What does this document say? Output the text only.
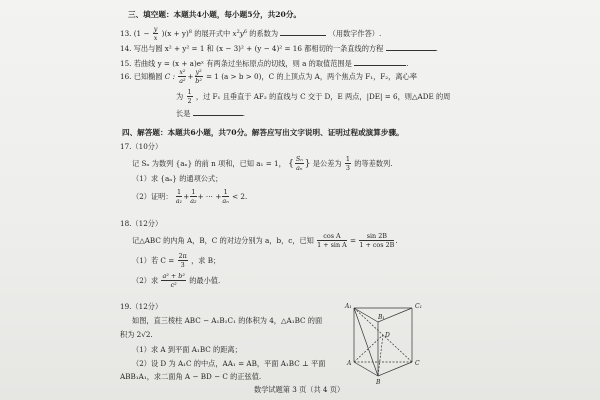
三、填空题：本题共4小题，每小题5分，共20分。
13. $(1 - \frac{y}{x} )(x + y)^8$ 的展开式中 $x^2y^6$ 的系数为	（用数字作答）.
14. 写出与圆 x² + y² = 1 和 (x − 3)² + (y − 4)² = 16 都相切的一条直线的方程	.
15. 若曲线 y = (x + a)eˣ 有两条过坐标原点的切线，则 a 的取值范围是	.
16. 已知椭圆 C : $\frac{\text{x²}}{\text{a²}} + \frac{\text{y²}}{\text{b²}} = 1$ (a > b > 0)，C 的上顶点为 A，两个焦点为 F₁，F₂，离心率
为 $\frac{1}{2}$ ，过 F₁ 且垂直于 AF₂ 的直线与 C 交于 D，E 两点，|DE| = 6，则△ADE 的周
长是	.
四、解答题：本题共6小题，共70分。解答应写出文字说明、证明过程或演算步骤。
17.（10分）
记 Sₙ 为数列 {aₙ} 的前 n 项和，已知 a₁ = 1， { $\frac{\text{Sₙ}}{\text{aₙ}}$ } 是公差为 $\frac{1}{3}$ 的等差数列.
（1）求 {aₙ} 的通项公式；
（2）证明： $\frac{1}{\text{a₁}} + \frac{1}{\text{a₂}}$ + ⋯ + $\frac{1}{\text{aₙ}} < 2$.
18.（12分）
记△ABC 的内角 A，B，C 的对边分别为 a，b，c，已知 $\frac{\text{cos A}}{\text{1 + sin A}} = \frac{\sin 2B}{1 + \cos 2B}$ .
（1）若 $C = \frac{2\pi}{3}$ ，求 B；
（2）求 $\frac{\text{a² + b²}}{\text{c²}}$ 的最小值.
19.（12分）
如图，直三棱柱 ABC − A₁B₁C₁ 的体积为 4，△A₁BC 的面
积为 2√2.
（1）求 A 到平面 A₁BC 的距离；
（2）设 D 为 A₁C 的中点，AA₁ = AB，平面 A₁BC ⊥ 平面
ABB₁A₁，求二面角 A − BD − C 的正弦值.
A₁	C₁
B₁
D
A	C
B
数学试题第 3 页（共 4 页）
